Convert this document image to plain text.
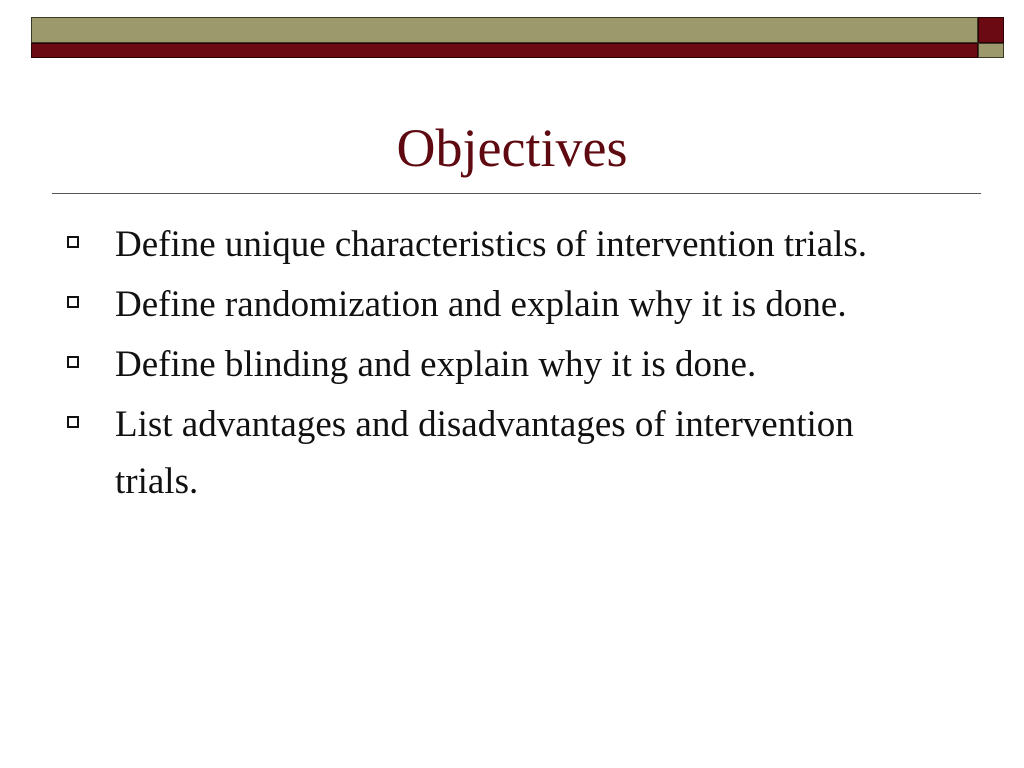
Objectives
Define unique characteristics of intervention trials.
Define randomization and explain why it is done.
Define blinding and explain why it is done.
List advantages and disadvantages of intervention trials.
